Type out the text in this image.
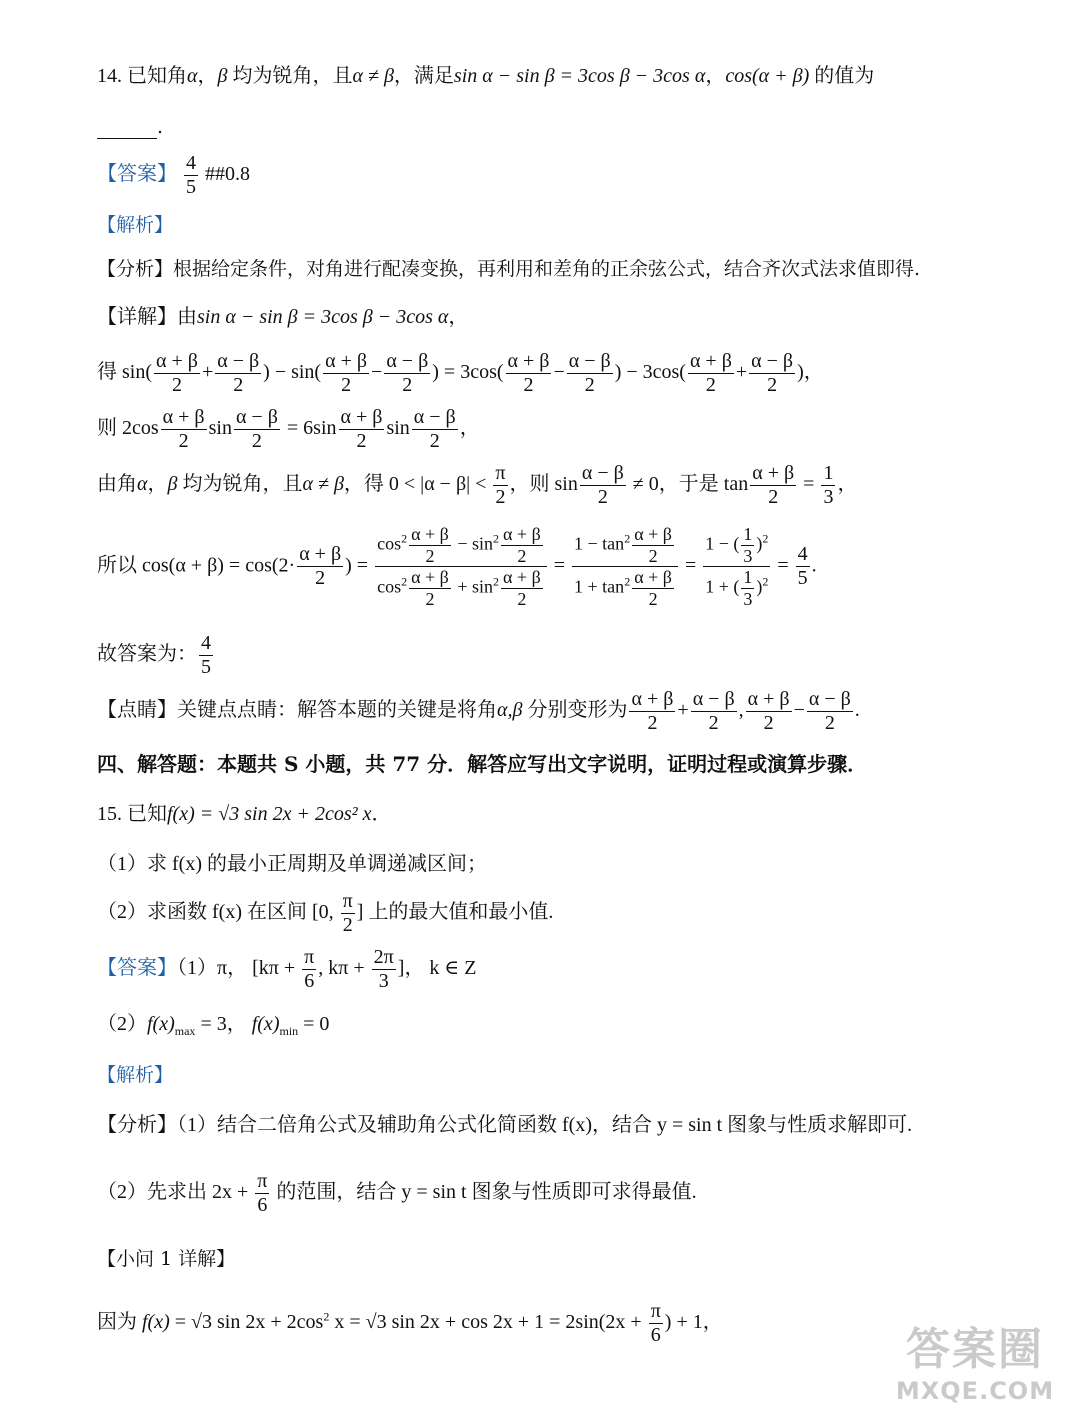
14. 已知角α，β 均为锐角，且α ≠ β，满足sin α − sin β = 3cos β − 3cos α，cos(α + β) 的值为
.
【答案】 $\frac{4}{5}$ ##0.8
【解析】
【分析】根据给定条件，对角进行配凑变换，再利用和差角的正余弦公式，结合齐次式法求值即得.
【详解】由sin α − sin β = 3cos β − 3cos α，
得 $\sin( \frac{\alpha + \beta}{2} + \frac{\alpha - \beta}{2}$ ) − $\sin( \frac{\alpha + \beta}{2} - \frac{\alpha - \beta}{2}$ ) = $3\cos( \frac{\alpha + \beta}{2} - \frac{\alpha - \beta}{2}$ ) − $3\cos( \frac{\alpha + \beta}{2} + \frac{\alpha - \beta}{2}$ )，
则 $2\cos \frac{\alpha + \beta}{2}$ $\sin \frac{\alpha - \beta}{2} = 6\sin \frac{\alpha + \beta}{2}$ $\sin \frac{\alpha - \beta}{2}$ ，
由角α，β 均为锐角，且α ≠ β，得 $0 < |\alpha - \beta| < \frac{\pi}{2}$ ，则 $\sin \frac{\alpha - \beta}{2} \ne 0$，于是 $\tan \frac{\alpha + \beta}{2} = \frac{1}{3}$ ，
所以 $\cos(\alpha + \beta) = \cos(2\cdot \frac{\alpha + \beta}{2}$ ) = $\frac{\cos^2 \frac{\alpha + \beta}{2} - \sin^2 \frac{\alpha + \beta}{2}}{\cos^2 \frac{\alpha + \beta}{2} + \sin^2 \frac{\alpha + \beta}{2}} = \frac{1 - \tan^2 \frac{\alpha + \beta}{2}}{1 + \tan^2 \frac{\alpha + \beta}{2}} = \frac{1 - ( \frac{1}{3} )^2}{1 + ( \frac{1}{3} )^2} = \frac{4}{5}$ .
故答案为： $\frac{4}{5}$
【点睛】关键点点睛：解答本题的关键是将角α,β 分别变形为 $\frac{\alpha + \beta}{2} + \frac{\alpha - \beta}{2}$ , $\frac{\alpha + \beta}{2} - \frac{\alpha - \beta}{2}$ .
四、解答题：本题共 S 小题，共 77 分．解答应写出文字说明，证明过程或演算步骤．
15. 已知f(x) = √3 sin 2x + 2cos² x．
（1）求 f(x) 的最小正周期及单调递减区间；
（2）求函数 f(x) 在区间 [0, $\frac{\pi}{2}$ ] 上的最大值和最小值.
【答案】（1）π， [$k\pi + \frac{\pi}{6}$ , $k\pi + \frac{2\pi}{3}$ ]， k ∈ Z
$(2)f(x)_{max} = 3$， $f(x)_{min} = 0$
【解析】
【分析】（1）结合二倍角公式及辅助角公式化简函数 f(x)，结合 y = sin t 图象与性质求解即可.
（2）先求出 $2x + \frac{\pi}{6}$ 的范围，结合 y = sin t 图象与性质即可求得最值.
【小问 1 详解】
因为 f(x) = √3 $\sin 2x + 2\cos^2$ x = √3 $\sin 2x + \cos 2x + 1 = 2\sin(2x + \frac{\pi}{6}$ ) + 1，
答案圈
MXQE.COM
